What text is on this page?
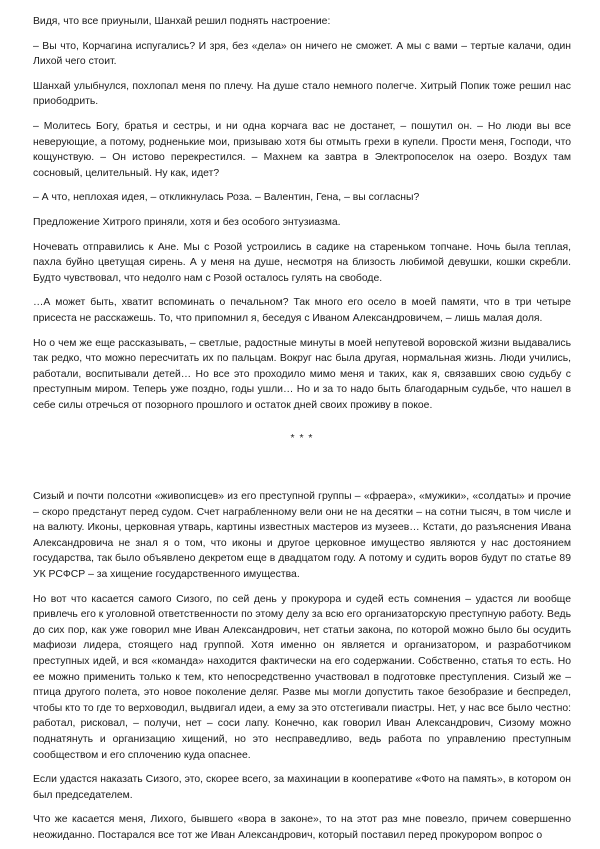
Видя, что все приуныли, Шанхай решил поднять настроение:

– Вы что, Корчагина испугались? И зря, без «дела» он ничего не сможет. А мы с вами – тертые калачи, один Лихой чего стоит.

Шанхай улыбнулся, похлопал меня по плечу. На душе стало немного полегче. Хитрый Попик тоже решил нас приободрить.

– Молитесь Богу, братья и сестры, и ни одна корчага вас не достанет, – пошутил он. – Но люди вы все неверующие, а потому, родненькие мои, призываю хотя бы отмыть грехи в купели. Прости меня, Господи, что кощунствую. – Он истово перекрестился. – Махнем ка завтра в Электропоселок на озеро. Воздух там сосновый, целительный. Ну как, идет?

– А что, неплохая идея, – откликнулась Роза. – Валентин, Гена, – вы согласны?

Предложение Хитрого приняли, хотя и без особого энтузиазма.

Ночевать отправились к Ане. Мы с Розой устроились в садике на стареньком топчане. Ночь была теплая, пахла буйно цветущая сирень. А у меня на душе, несмотря на близость любимой девушки, кошки скребли. Будто чувствовал, что недолго нам с Розой осталось гулять на свободе.

…А может быть, хватит вспоминать о печальном? Так много его осело в моей памяти, что в три четыре присеста не расскажешь. То, что припомнил я, беседуя с Иваном Александровичем, – лишь малая доля.

Но о чем же еще рассказывать, – светлые, радостные минуты в моей непутевой воровской жизни выдавались так редко, что можно пересчитать их по пальцам. Вокруг нас была другая, нормальная жизнь. Люди учились, работали, воспитывали детей… Но все это проходило мимо меня и таких, как я, связавших свою судьбу с преступным миром. Теперь уже поздно, годы ушли… Но и за то надо быть благодарным судьбе, что нашел в себе силы отречься от позорного прошлого и остаток дней своих проживу в покое.

* * *

Сизый и почти полсотни «живописцев» из его преступной группы – «фраера», «мужики», «солдаты» и прочие – скоро предстанут перед судом. Счет награбленному вели они не на десятки – на сотни тысяч, в том числе и на валюту. Иконы, церковная утварь, картины известных мастеров из музеев… Кстати, до разъяснения Ивана Александровича не знал я о том, что иконы и другое церковное имущество являются у нас достоянием государства, так было объявлено декретом еще в двадцатом году. А потому и судить воров будут по статье 89 УК РСФСР – за хищение государственного имущества.

Но вот что касается самого Сизого, по сей день у прокурора и судей есть сомнения – удастся ли вообще привлечь его к уголовной ответственности по этому делу за всю его организаторскую преступную работу. Ведь до сих пор, как уже говорил мне Иван Александрович, нет статьи закона, по которой можно было бы осудить мафиози лидера, стоящего над группой. Хотя именно он является и организатором, и разработчиком преступных идей, и вся «команда» находится фактически на его содержании. Собственно, статья то есть. Но ее можно применить только к тем, кто непосредственно участвовал в подготовке преступления. Сизый же – птица другого полета, это новое поколение деляг. Разве мы могли допустить такое безобразие и беспредел, чтобы кто то где то верховодил, выдвигал идеи, а ему за это отстегивали пиастры. Нет, у нас все было честно: работал, рисковал, – получи, нет – соси лапу. Конечно, как говорил Иван Александрович, Сизому можно поднатянуть и организацию хищений, но это несправедливо, ведь работа по управлению преступным сообществом и его сплочению куда опаснее.

Если удастся наказать Сизого, это, скорее всего, за махинации в кооперативе «Фото на память», в котором он был председателем.

Что же касается меня, Лихого, бывшего «вора в законе», то на этот раз мне повезло, причем совершенно неожиданно. Постарался все тот же Иван Александрович, который поставил перед прокурором вопрос о
